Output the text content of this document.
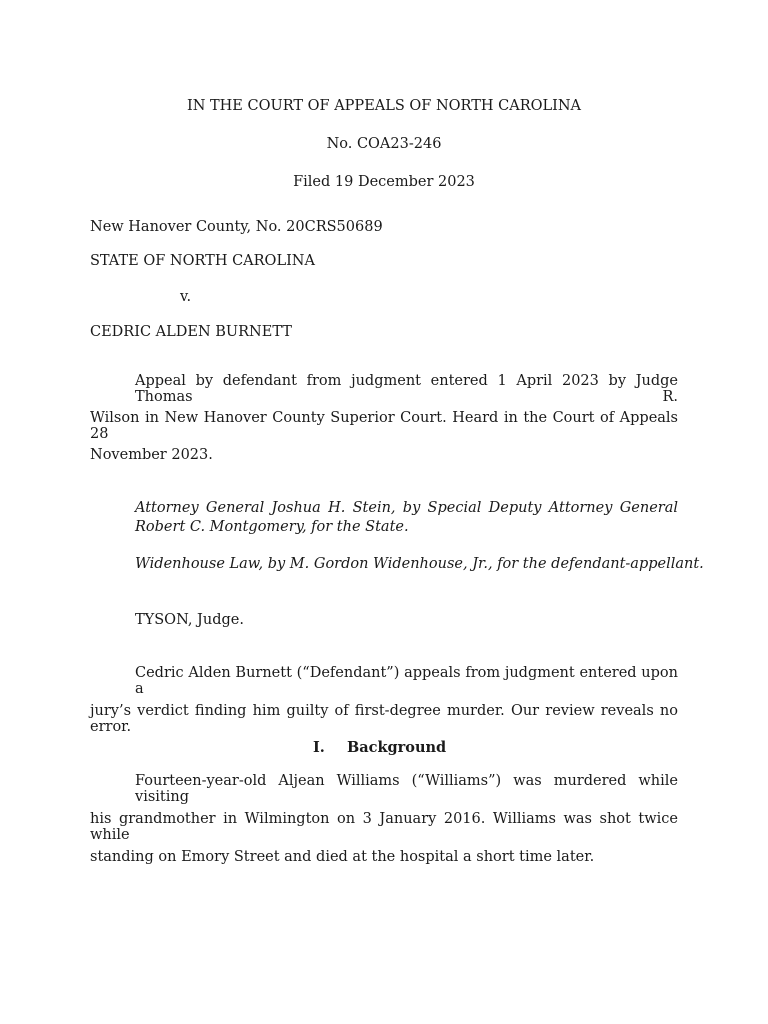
IN THE COURT OF APPEALS OF NORTH CAROLINA
No. COA23-246
Filed 19 December 2023
New Hanover County, No. 20CRS50689
STATE OF NORTH CAROLINA
v.
CEDRIC ALDEN BURNETT
Appeal by defendant from judgment entered 1 April 2023 by Judge Thomas R.
Wilson in New Hanover County Superior Court. Heard in the Court of Appeals 28
November 2023.
Attorney General Joshua H. Stein, by Special Deputy Attorney General
Robert C. Montgomery, for the State.
Widenhouse Law, by M. Gordon Widenhouse, Jr., for the defendant-appellant.
TYSON, Judge.
Cedric Alden Burnett (“Defendant”) appeals from judgment entered upon a
jury’s verdict finding him guilty of first-degree murder. Our review reveals no error.
I. Background
Fourteen-year-old Aljean Williams (“Williams”) was murdered while visiting
his grandmother in Wilmington on 3 January 2016. Williams was shot twice while
standing on Emory Street and died at the hospital a short time later.
